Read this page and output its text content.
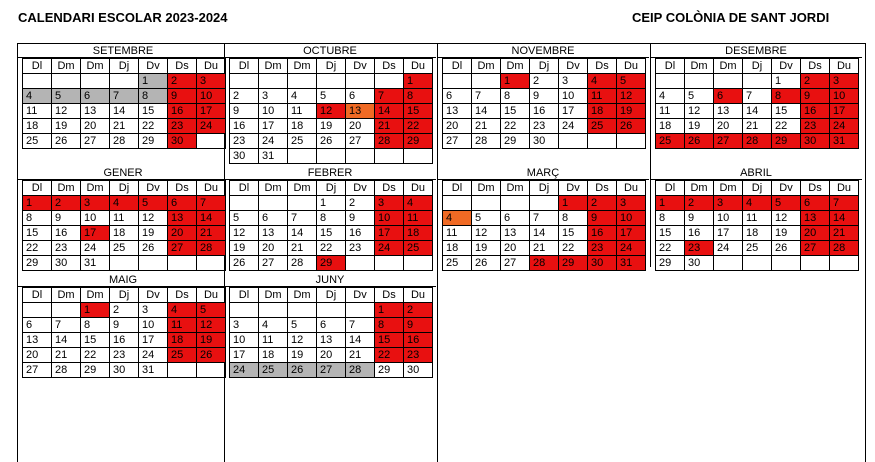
CALENDARI ESCOLAR 2023-2024	CEIP COLÒNIA DE SANT JORDI
SETEMBRE
Dl	Dm	Dm	Dj	Dv	Ds	Du
				1	2	3
4	5	6	7	8	9	10
11	12	13	14	15	16	17
18	19	20	21	22	23	24
25	26	27	28	29	30	
OCTUBRE
Dl	Dm	Dm	Dj	Dv	Ds	Du
						1
2	3	4	5	6	7	8
9	10	11	12	13	14	15
16	17	18	19	20	21	22
23	24	25	26	27	28	29
30	31					
NOVEMBRE
Dl	Dm	Dm	Dj	Dv	Ds	Du
		1	2	3	4	5
6	7	8	9	10	11	12
13	14	15	16	17	18	19
20	21	22	23	24	25	26
27	28	29	30			
DESEMBRE
Dl	Dm	Dm	Dj	Dv	Ds	Du
				1	2	3
4	5	6	7	8	9	10
11	12	13	14	15	16	17
18	19	20	21	22	23	24
25	26	27	28	29	30	31
GENER
Dl	Dm	Dm	Dj	Dv	Ds	Du
1	2	3	4	5	6	7
8	9	10	11	12	13	14
15	16	17	18	19	20	21
22	23	24	25	26	27	28
29	30	31				
FEBRER
Dl	Dm	Dm	Dj	Dv	Ds	Du
			1	2	3	4
5	6	7	8	9	10	11
12	13	14	15	16	17	18
19	20	21	22	23	24	25
26	27	28	29			
MARÇ
Dl	Dm	Dm	Dj	Dv	Ds	Du
				1	2	3
4	5	6	7	8	9	10
11	12	13	14	15	16	17
18	19	20	21	22	23	24
25	26	27	28	29	30	31
ABRIL
Dl	Dm	Dm	Dj	Dv	Ds	Du
1	2	3	4	5	6	7
8	9	10	11	12	13	14
15	16	17	18	19	20	21
22	23	24	25	26	27	28
29	30					
MAIG
Dl	Dm	Dm	Dj	Dv	Ds	Du
		1	2	3	4	5
6	7	8	9	10	11	12
13	14	15	16	17	18	19
20	21	22	23	24	25	26
27	28	29	30	31		
JUNY
Dl	Dm	Dm	Dj	Dv	Ds	Du
					1	2
3	4	5	6	7	8	9
10	11	12	13	14	15	16
17	18	19	20	21	22	23
24	25	26	27	28	29	30
